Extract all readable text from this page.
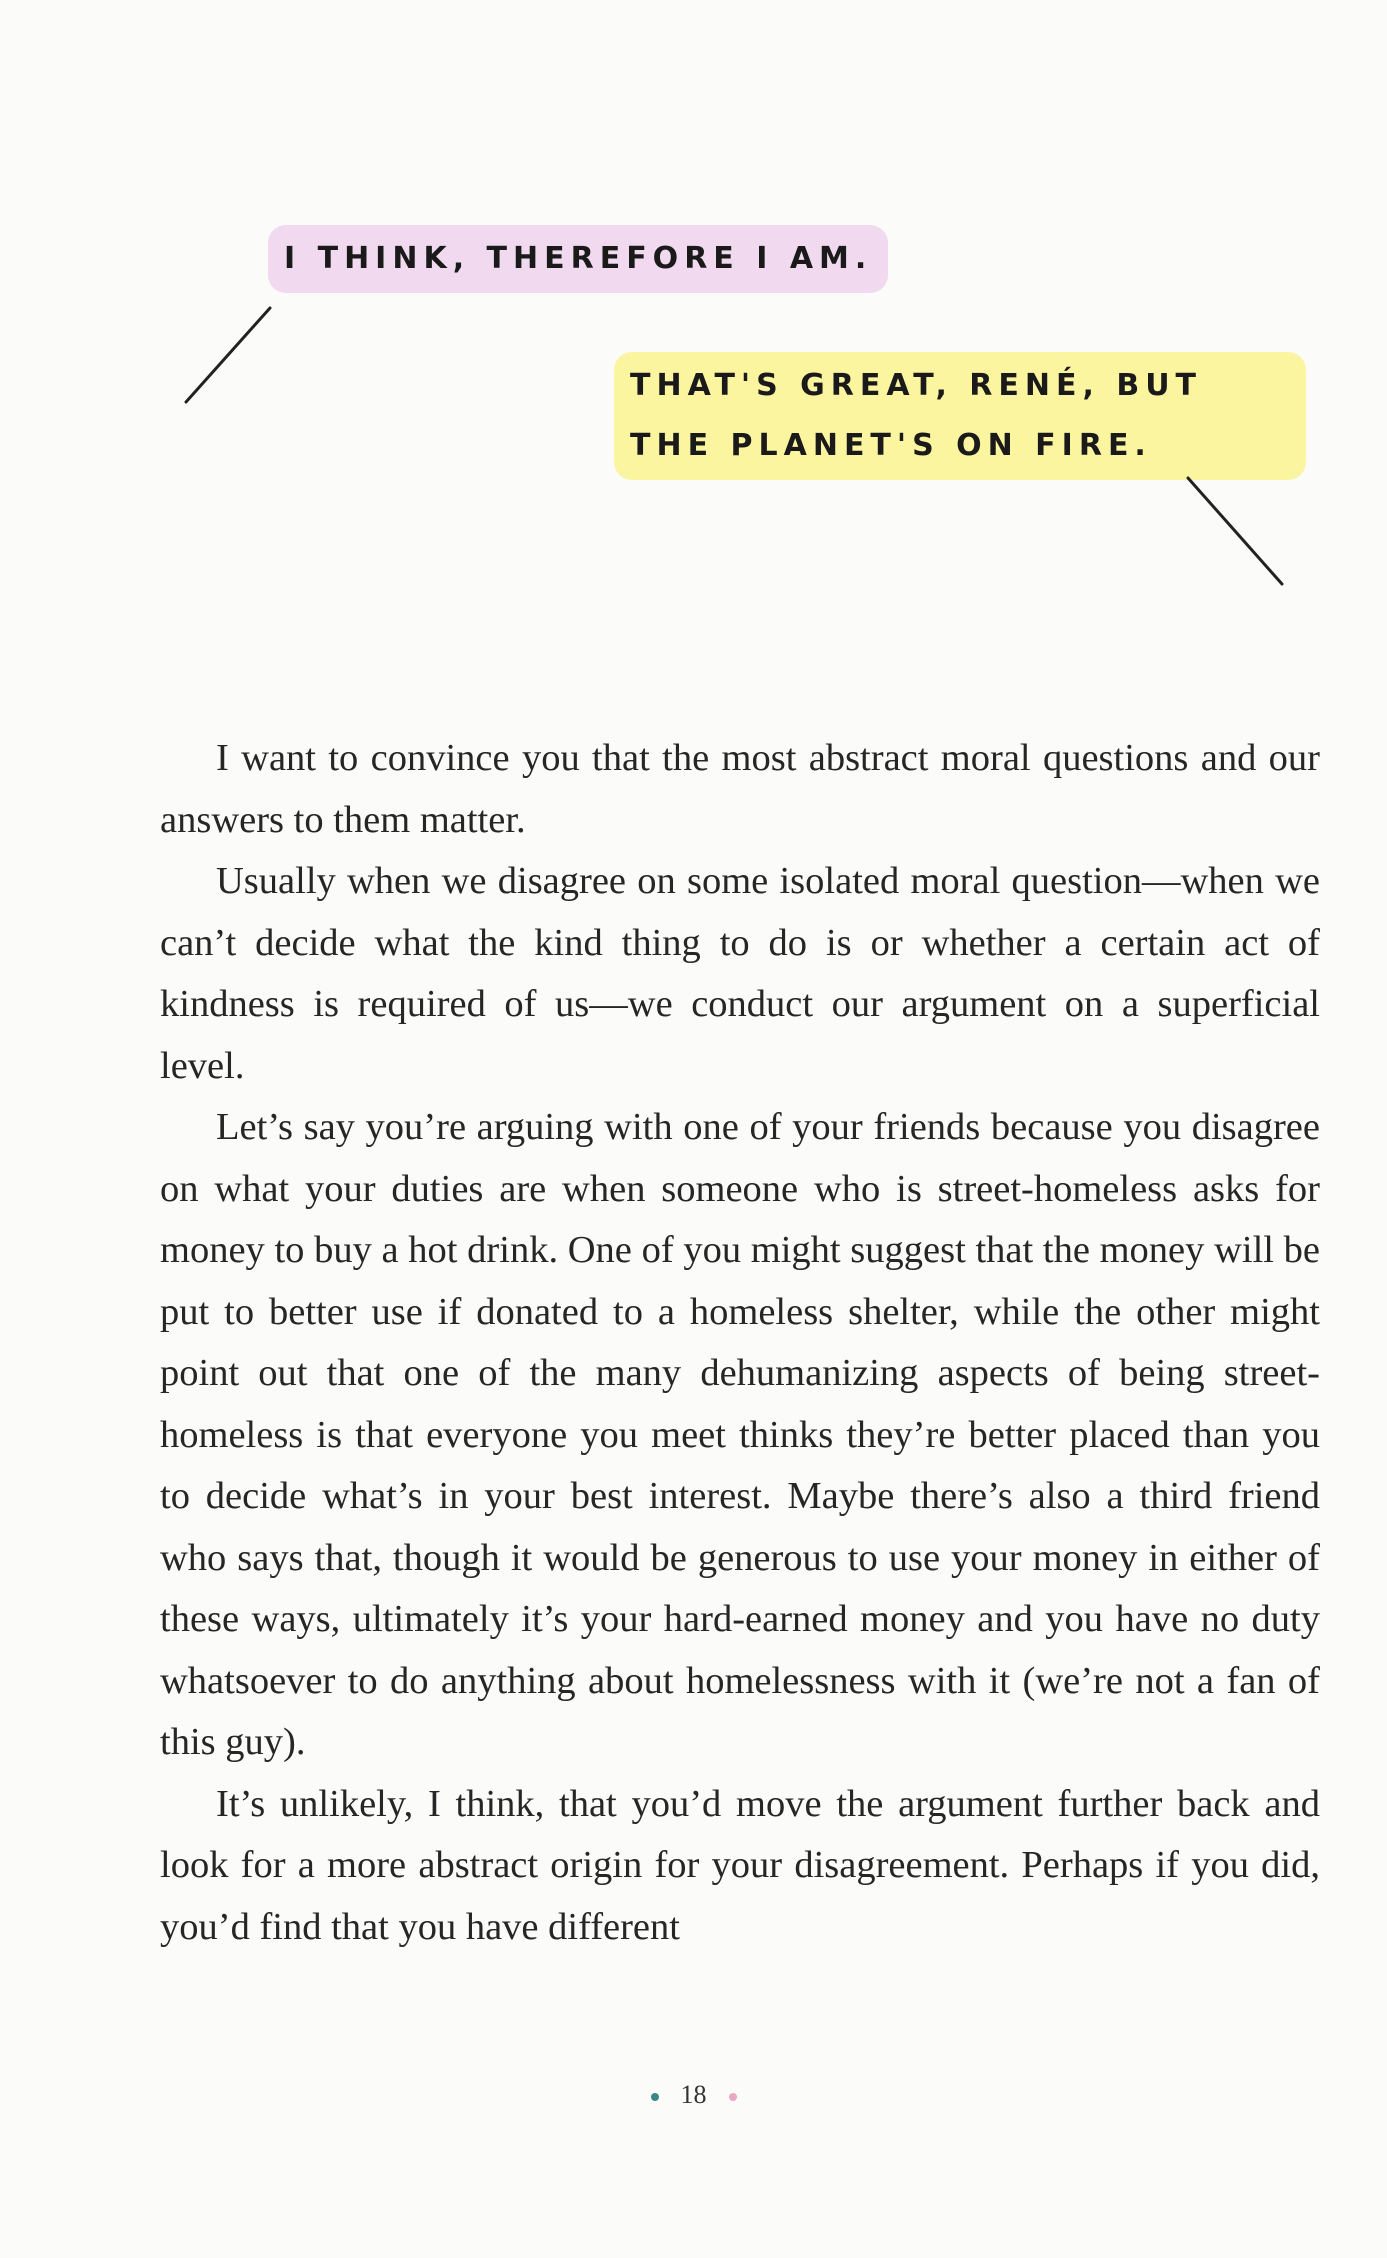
I THINK, THEREFORE I AM.
THAT'S GREAT, RENÉ, BUT
THE PLANET'S ON FIRE.

I want to convince you that the most abstract moral questions and our answers to them matter.

Usually when we disagree on some isolated moral question—when we can’t decide what the kind thing to do is or whether a certain act of kindness is required of us—we conduct our argument on a superficial level.

Let’s say you’re arguing with one of your friends because you disagree on what your duties are when someone who is street-homeless asks for money to buy a hot drink. One of you might suggest that the money will be put to better use if donated to a homeless shelter, while the other might point out that one of the many dehumanizing aspects of being street-homeless is that everyone you meet thinks they’re better placed than you to decide what’s in your best interest. Maybe there’s also a third friend who says that, though it would be generous to use your money in either of these ways, ultimately it’s your hard-earned money and you have no duty whatsoever to do anything about homelessness with it (we’re not a fan of this guy).

It’s unlikely, I think, that you’d move the argument further back and look for a more abstract origin for your disagreement. Perhaps if you did, you’d find that you have different

18
